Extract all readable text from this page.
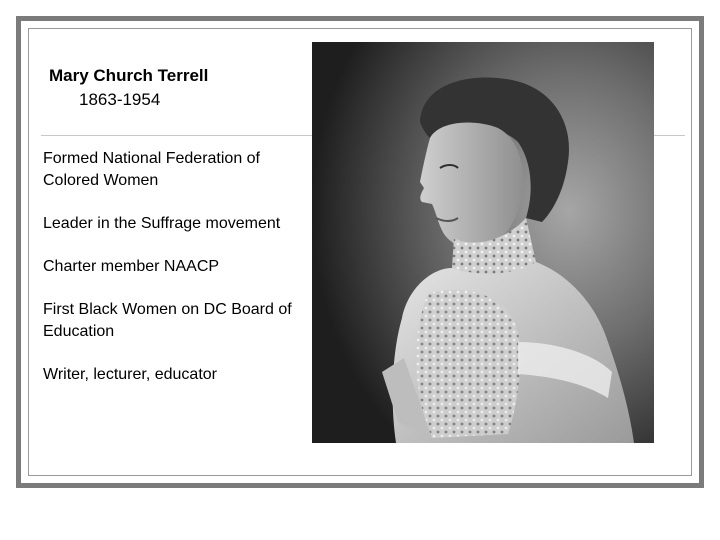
Mary Church Terrell
1863-1954
Formed National Federation of Colored Women
Leader in the Suffrage movement
Charter member NAACP
First Black Women on DC Board of Education
Writer, lecturer, educator
